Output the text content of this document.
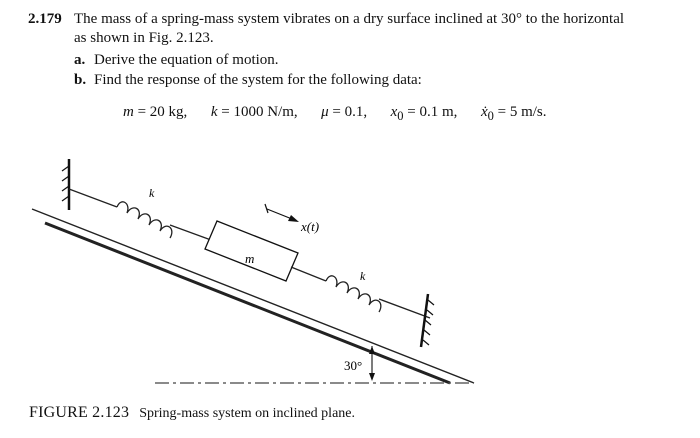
2.179 The mass of a spring-mass system vibrates on a dry surface inclined at 30° to the horizontal
as shown in Fig. 2.123.
a. Derive the equation of motion.
b. Find the response of the system for the following data:
m = 20 kg, k = 1000 N/m, μ = 0.1, $x_0 = 0.1$ m, ẋ$_0$ = 5 m/s.
k
m
x(t)
k
30°
FIGURE 2.123 Spring-mass system on inclined plane.
